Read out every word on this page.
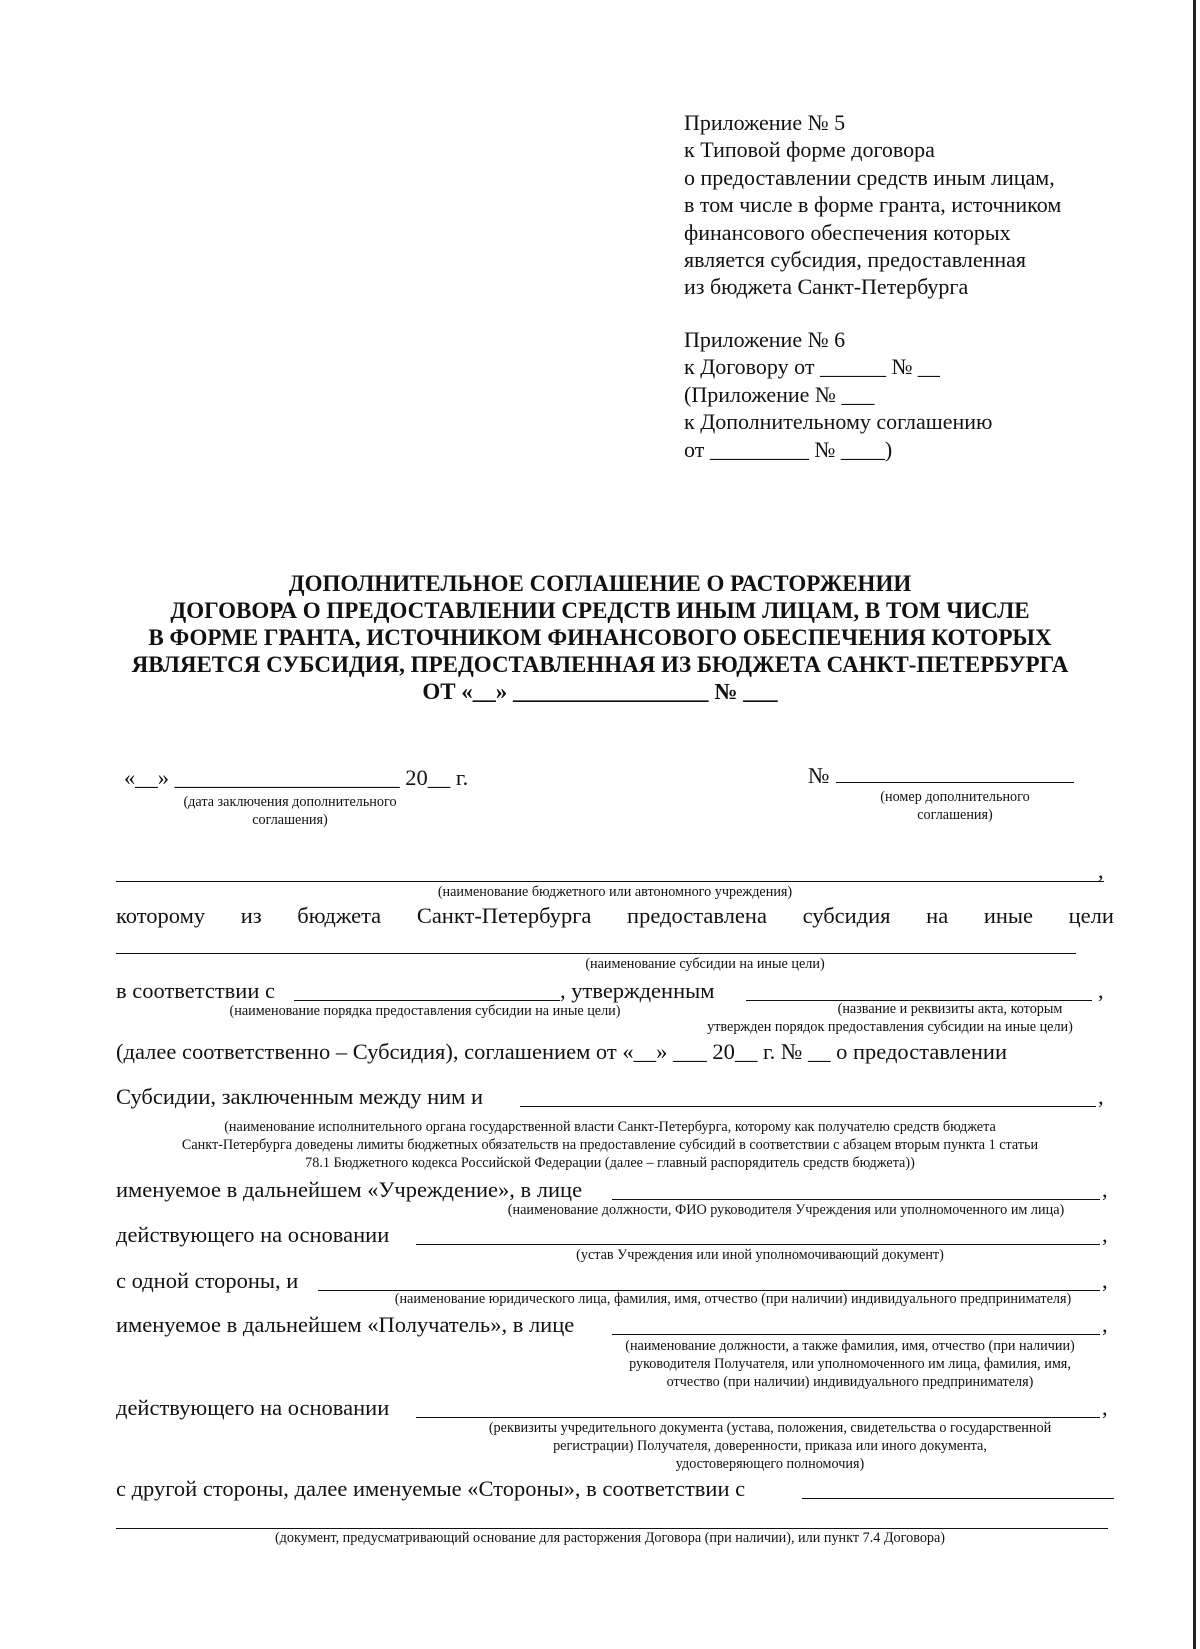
Приложение № 5
к Типовой форме договора
о предоставлении средств иным лицам,
в том числе в форме гранта, источником
финансового обеспечения которых
является субсидия, предоставленная
из бюджета Санкт-Петербурга
Приложение № 6
к Договору от ______ № __
(Приложение № ___
к Дополнительному соглашению
от _________ № ____)
ДОПОЛНИТЕЛЬНОЕ СОГЛАШЕНИЕ О РАСТОРЖЕНИИ
ДОГОВОРА О ПРЕДОСТАВЛЕНИИ СРЕДСТВ ИНЫМ ЛИЦАМ, В ТОМ ЧИСЛЕ
В ФОРМЕ ГРАНТА, ИСТОЧНИКОМ ФИНАНСОВОГО ОБЕСПЕЧЕНИЯ КОТОРЫХ
ЯВЛЯЕТСЯ СУБСИДИЯ, ПРЕДОСТАВЛЕННАЯ ИЗ БЮДЖЕТА САНКТ-ПЕТЕРБУРГА
ОТ «__» _________________ № ___
«__» ____________________ 20__ г.
(дата заключения дополнительного
соглашения)
№
(номер дополнительного
соглашения)
,
(наименование бюджетного или автономного учреждения)
которому из бюджета Санкт-Петербурга предоставлена субсидия на иные цели
(наименование субсидии на иные цели)
в соответствии с	, утвержденным	,
(наименование порядка предоставления субсидии на иные цели)	(название и реквизиты акта, которым
утвержден порядок предоставления субсидии на иные цели)
(далее соответственно – Субсидия), соглашением от «__» ___ 20__ г. № __ о предоставлении
Субсидии, заключенным между ним и	,
(наименование исполнительного органа государственной власти Санкт-Петербурга, которому как получателю средств бюджета
Санкт-Петербурга доведены лимиты бюджетных обязательств на предоставление субсидий в соответствии с абзацем вторым пункта 1 статьи
78.1 Бюджетного кодекса Российской Федерации (далее – главный распорядитель средств бюджета))
именуемое в дальнейшем «Учреждение», в лице	,
(наименование должности, ФИО руководителя Учреждения или уполномоченного им лица)
действующего на основании	,
(устав Учреждения или иной уполномочивающий документ)
с одной стороны, и	,
(наименование юридического лица, фамилия, имя, отчество (при наличии) индивидуального предпринимателя)
именуемое в дальнейшем «Получатель», в лице	,
(наименование должности, а также фамилия, имя, отчество (при наличии)
руководителя Получателя, или уполномоченного им лица, фамилия, имя,
отчество (при наличии) индивидуального предпринимателя)
действующего на основании	,
(реквизиты учредительного документа (устава, положения, свидетельства о государственной
регистрации) Получателя, доверенности, приказа или иного документа,
удостоверяющего полномочия)
с другой стороны, далее именуемые «Стороны», в соответствии с
(документ, предусматривающий основание для расторжения Договора (при наличии), или пункт 7.4 Договора)
